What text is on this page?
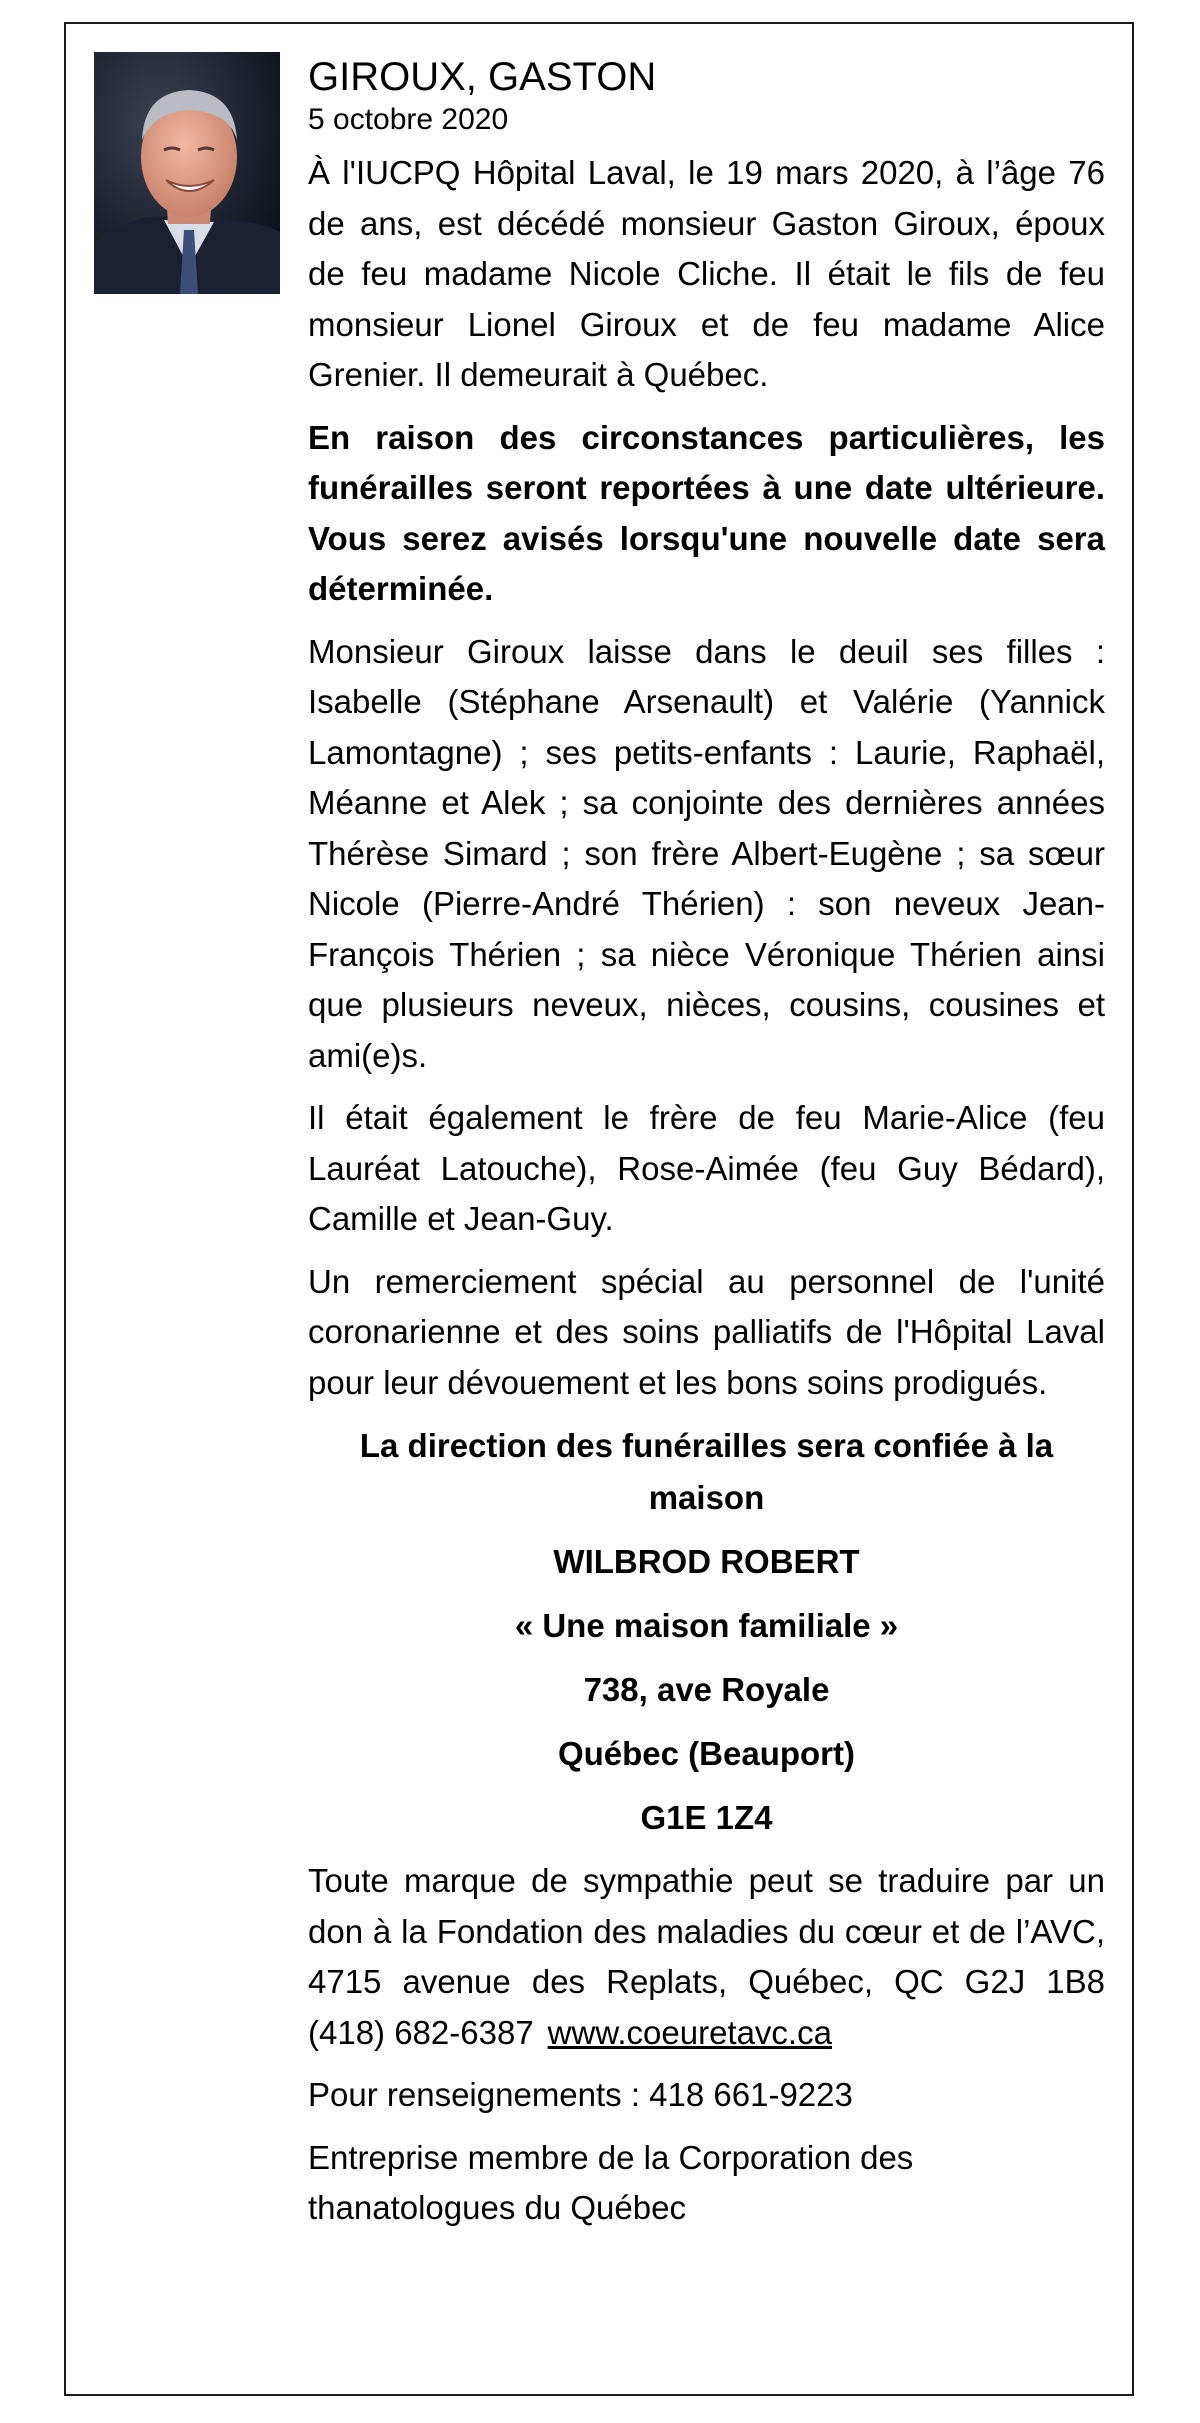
GIROUX, GASTON
5 octobre 2020

À l'IUCPQ Hôpital Laval, le 19 mars 2020, à l’âge 76 de ans, est décédé monsieur Gaston Giroux, époux de feu madame Nicole Cliche. Il était le fils de feu monsieur Lionel Giroux et de feu madame Alice Grenier. Il demeurait à Québec.

En raison des circonstances particulières, les funérailles seront reportées à une date ultérieure. Vous serez avisés lorsqu'une nouvelle date sera déterminée.

Monsieur Giroux laisse dans le deuil ses filles : Isabelle (Stéphane Arsenault) et Valérie (Yannick Lamontagne) ; ses petits-enfants : Laurie, Raphaël, Méanne et Alek ; sa conjointe des dernières années Thérèse Simard ; son frère Albert-Eugène ; sa sœur Nicole (Pierre-André Thérien) : son neveux Jean-François Thérien ; sa nièce Véronique Thérien ainsi que plusieurs neveux, nièces, cousins, cousines et ami(e)s.

Il était également le frère de feu Marie-Alice (feu Lauréat Latouche), Rose-Aimée (feu Guy Bédard), Camille et Jean-Guy.

Un remerciement spécial au personnel de l'unité coronarienne et des soins palliatifs de l'Hôpital Laval pour leur dévouement et les bons soins prodigués.

La direction des funérailles sera confiée à la maison

WILBROD ROBERT

« Une maison familiale »

738, ave Royale

Québec (Beauport)

G1E 1Z4

Toute marque de sympathie peut se traduire par un don à la Fondation des maladies du cœur et de l’AVC, 4715 avenue des Replats, Québec, QC G2J 1B8 (418) 682-6387 www.coeuretavc.ca

Pour renseignements : 418 661-9223

Entreprise membre de la Corporation des thanatologues du Québec
